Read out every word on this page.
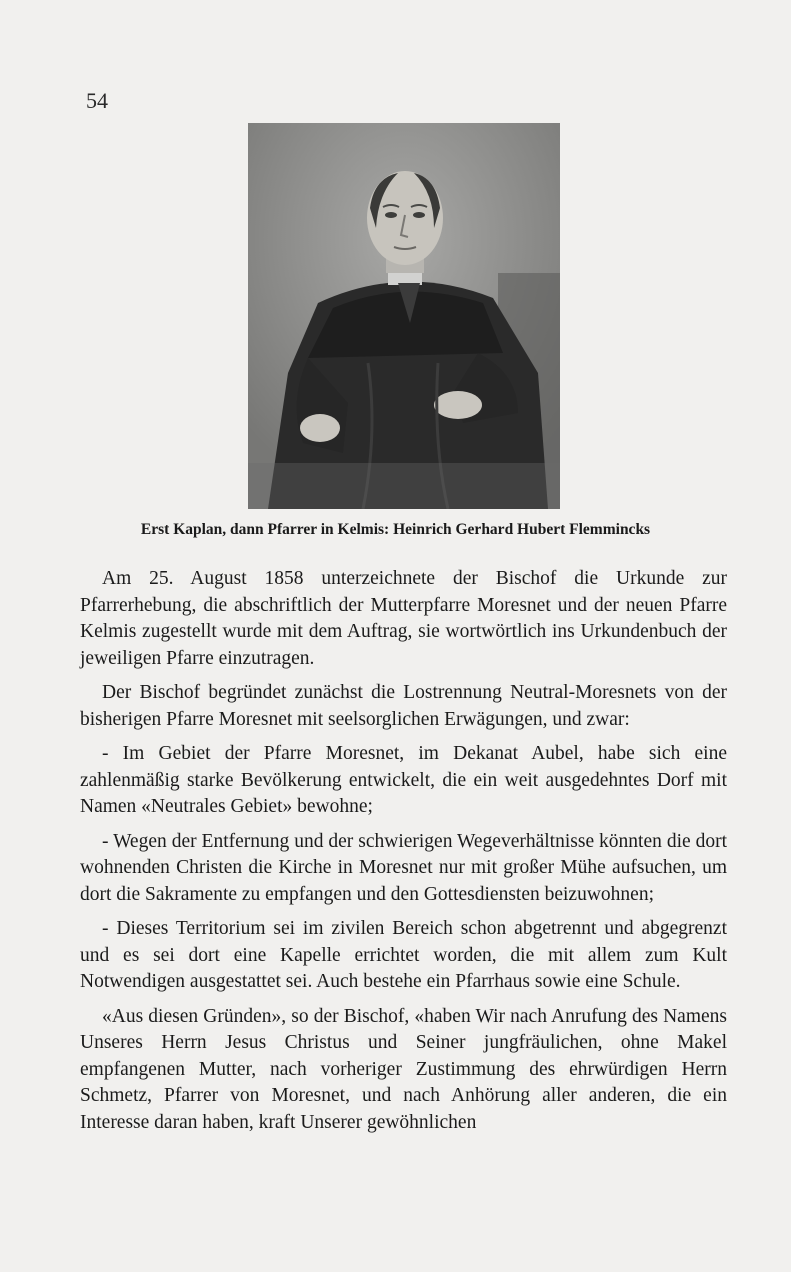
54
Erst Kaplan, dann Pfarrer in Kelmis: Heinrich Gerhard Hubert Flemmincks

Am 25. August 1858 unterzeichnete der Bischof die Urkunde zur Pfarrerhebung, die abschriftlich der Mutterpfarre Moresnet und der neuen Pfarre Kelmis zugestellt wurde mit dem Auftrag, sie wortwörtlich ins Urkundenbuch der jeweiligen Pfarre einzutragen.

Der Bischof begründet zunächst die Lostrennung Neutral-Moresnets von der bisherigen Pfarre Moresnet mit seelsorglichen Erwägungen, und zwar:

- Im Gebiet der Pfarre Moresnet, im Dekanat Aubel, habe sich eine zahlenmäßig starke Bevölkerung entwickelt, die ein weit ausgedehntes Dorf mit Namen «Neutrales Gebiet» bewohne;

- Wegen der Entfernung und der schwierigen Wegeverhältnisse könnten die dort wohnenden Christen die Kirche in Moresnet nur mit großer Mühe aufsuchen, um dort die Sakramente zu empfangen und den Gottesdiensten beizuwohnen;

- Dieses Territorium sei im zivilen Bereich schon abgetrennt und abgegrenzt und es sei dort eine Kapelle errichtet worden, die mit allem zum Kult Notwendigen ausgestattet sei. Auch bestehe ein Pfarrhaus sowie eine Schule.

«Aus diesen Gründen», so der Bischof, «haben Wir nach Anrufung des Namens Unseres Herrn Jesus Christus und Seiner jungfräulichen, ohne Makel empfangenen Mutter, nach vorheriger Zustimmung des ehrwürdigen Herrn Schmetz, Pfarrer von Moresnet, und nach Anhörung aller anderen, die ein Interesse daran haben, kraft Unserer gewöhnlichen
